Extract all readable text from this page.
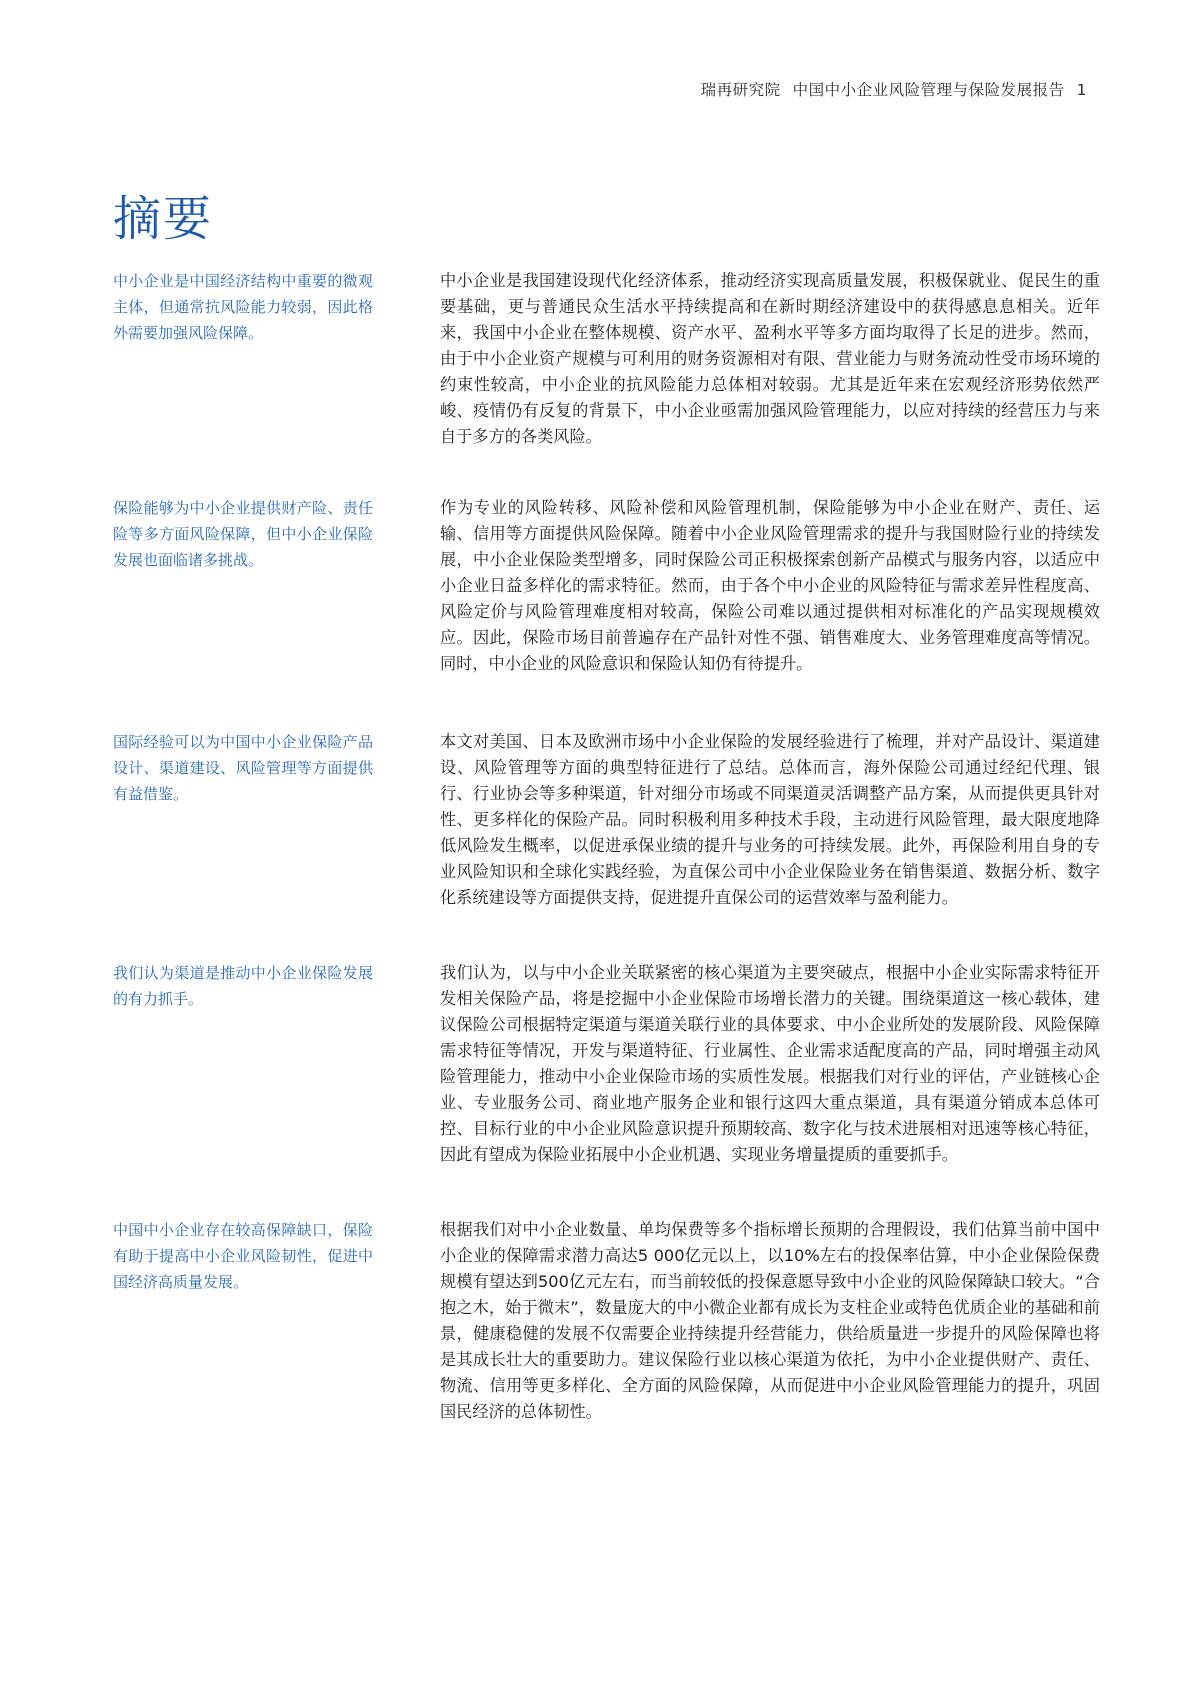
瑞再研究院 中国中小企业风险管理与保险发展报告 1
摘要
中小企业是中国经济结构中重要的微观主体，但通常抗风险能力较弱，因此格外需要加强风险保障。

中小企业是我国建设现代化经济体系，推动经济实现高质量发展，积极保就业、促民生的重要基础，更与普通民众生活水平持续提高和在新时期经济建设中的获得感息息相关。近年来，我国中小企业在整体规模、资产水平、盈利水平等多方面均取得了长足的进步。然而，由于中小企业资产规模与可利用的财务资源相对有限、营业能力与财务流动性受市场环境的约束性较高，中小企业的抗风险能力总体相对较弱。尤其是近年来在宏观经济形势依然严峻、疫情仍有反复的背景下，中小企业亟需加强风险管理能力，以应对持续的经营压力与来自于多方的各类风险。

保险能够为中小企业提供财产险、责任险等多方面风险保障，但中小企业保险发展也面临诸多挑战。

作为专业的风险转移、风险补偿和风险管理机制，保险能够为中小企业在财产、责任、运输、信用等方面提供风险保障。随着中小企业风险管理需求的提升与我国财险行业的持续发展，中小企业保险类型增多，同时保险公司正积极探索创新产品模式与服务内容，以适应中小企业日益多样化的需求特征。然而，由于各个中小企业的风险特征与需求差异性程度高、风险定价与风险管理难度相对较高，保险公司难以通过提供相对标准化的产品实现规模效应。因此，保险市场目前普遍存在产品针对性不强、销售难度大、业务管理难度高等情况。同时，中小企业的风险意识和保险认知仍有待提升。

国际经验可以为中国中小企业保险产品设计、渠道建设、风险管理等方面提供有益借鉴。

本文对美国、日本及欧洲市场中小企业保险的发展经验进行了梳理，并对产品设计、渠道建设、风险管理等方面的典型特征进行了总结。总体而言，海外保险公司通过经纪代理、银行、行业协会等多种渠道，针对细分市场或不同渠道灵活调整产品方案，从而提供更具针对性、更多样化的保险产品。同时积极利用多种技术手段，主动进行风险管理，最大限度地降低风险发生概率，以促进承保业绩的提升与业务的可持续发展。此外，再保险利用自身的专业风险知识和全球化实践经验，为直保公司中小企业保险业务在销售渠道、数据分析、数字化系统建设等方面提供支持，促进提升直保公司的运营效率与盈利能力。

我们认为渠道是推动中小企业保险发展的有力抓手。

我们认为，以与中小企业关联紧密的核心渠道为主要突破点，根据中小企业实际需求特征开发相关保险产品，将是挖掘中小企业保险市场增长潜力的关键。围绕渠道这一核心载体，建议保险公司根据特定渠道与渠道关联行业的具体要求、中小企业所处的发展阶段、风险保障需求特征等情况，开发与渠道特征、行业属性、企业需求适配度高的产品，同时增强主动风险管理能力，推动中小企业保险市场的实质性发展。根据我们对行业的评估，产业链核心企业、专业服务公司、商业地产服务企业和银行这四大重点渠道，具有渠道分销成本总体可控、目标行业的中小企业风险意识提升预期较高、数字化与技术进展相对迅速等核心特征，因此有望成为保险业拓展中小企业机遇、实现业务增量提质的重要抓手。

中国中小企业存在较高保障缺口，保险有助于提高中小企业风险韧性，促进中国经济高质量发展。

根据我们对中小企业数量、单均保费等多个指标增长预期的合理假设，我们估算当前中国中小企业的保障需求潜力高达5 000亿元以上，以10%左右的投保率估算，中小企业保险保费规模有望达到500亿元左右，而当前较低的投保意愿导致中小企业的风险保障缺口较大。“合抱之木，始于微末”，数量庞大的中小微企业都有成长为支柱企业或特色优质企业的基础和前景，健康稳健的发展不仅需要企业持续提升经营能力，供给质量进一步提升的风险保障也将是其成长壮大的重要助力。建议保险行业以核心渠道为依托，为中小企业提供财产、责任、物流、信用等更多样化、全方面的风险保障，从而促进中小企业风险管理能力的提升，巩固国民经济的总体韧性。
